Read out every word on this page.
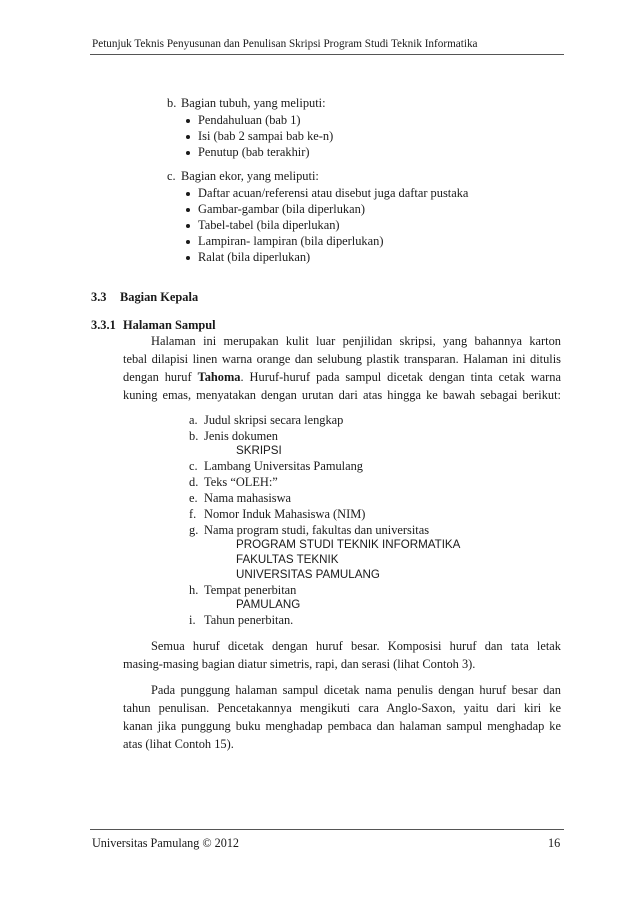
Petunjuk Teknis Penyusunan dan Penulisan Skripsi Program Studi Teknik Informatika
b. Bagian tubuh, yang meliputi:
Pendahuluan (bab 1)
Isi (bab 2 sampai bab ke-n)
Penutup (bab terakhir)
c. Bagian ekor, yang meliputi:
Daftar acuan/referensi atau disebut juga daftar pustaka
Gambar-gambar (bila diperlukan)
Tabel-tabel (bila diperlukan)
Lampiran- lampiran (bila diperlukan)
Ralat (bila diperlukan)
3.3 Bagian Kepala
3.3.1 Halaman Sampul
Halaman ini merupakan kulit luar penjilidan skripsi, yang bahannya karton
tebal dilapisi linen warna orange dan selubung plastik transparan. Halaman ini ditulis
dengan huruf Tahoma. Huruf-huruf pada sampul dicetak dengan tinta cetak warna
kuning emas, menyatakan dengan urutan dari atas hingga ke bawah sebagai berikut:
a. Judul skripsi secara lengkap
b. Jenis dokumen
SKRIPSI
c. Lambang Universitas Pamulang
d. Teks “OLEH:”
e. Nama mahasiswa
f. Nomor Induk Mahasiswa (NIM)
g. Nama program studi, fakultas dan universitas
PROGRAM STUDI TEKNIK INFORMATIKA
FAKULTAS TEKNIK
UNIVERSITAS PAMULANG
h. Tempat penerbitan
PAMULANG
i. Tahun penerbitan.
Semua huruf dicetak dengan huruf besar. Komposisi huruf dan tata letak
masing-masing bagian diatur simetris, rapi, dan serasi (lihat Contoh 3).
Pada punggung halaman sampul dicetak nama penulis dengan huruf besar dan
tahun penulisan. Pencetakannya mengikuti cara Anglo-Saxon, yaitu dari kiri ke
kanan jika punggung buku menghadap pembaca dan halaman sampul menghadap ke
atas (lihat Contoh 15).
Universitas Pamulang © 2012	16
